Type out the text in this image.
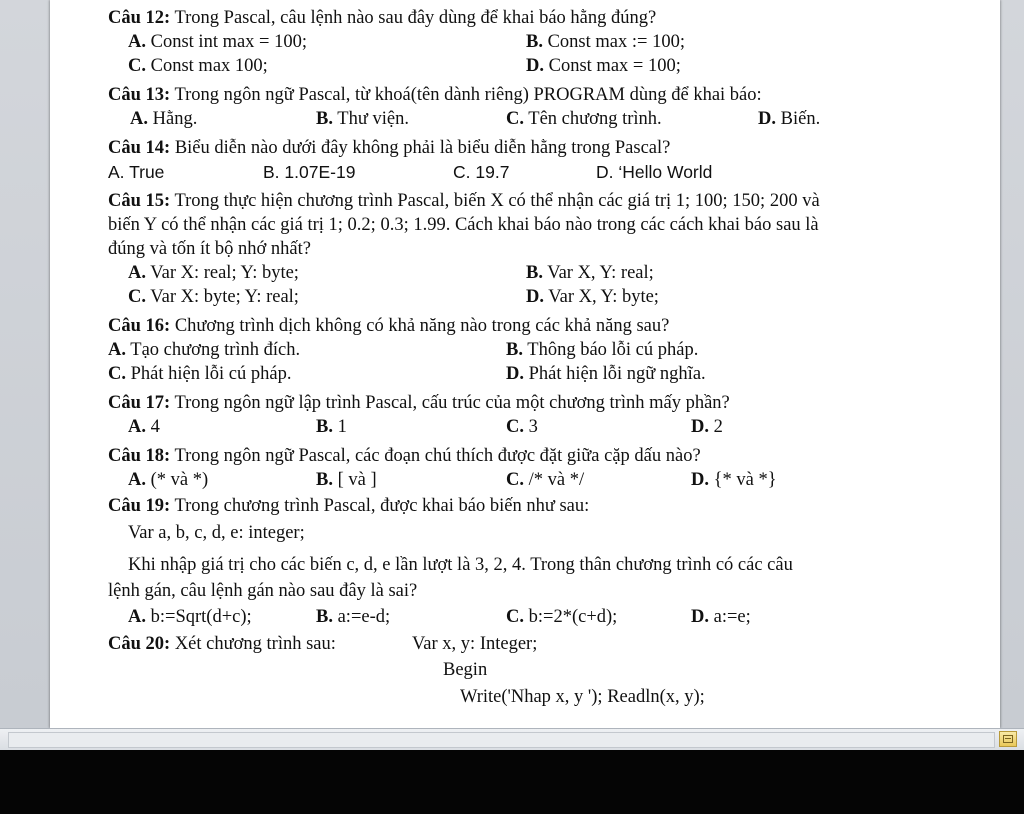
Câu 12: Trong Pascal, câu lệnh nào sau đây dùng để khai báo hằng đúng?
A. Const int max = 100;	B. Const max := 100;
C. Const max 100;	D. Const max = 100;
Câu 13: Trong ngôn ngữ Pascal, từ khoá(tên dành riêng) PROGRAM dùng để khai báo:
A. Hằng.	B. Thư viện.	C. Tên chương trình.	D. Biến.
Câu 14: Biểu diễn nào dưới đây không phải là biểu diễn hằng trong Pascal?
A. True	B. 1.07E-19	C. 19.7	D. ‘Hello World
Câu 15: Trong thực hiện chương trình Pascal, biến X có thể nhận các giá trị 1; 100; 150; 200 và
biến Y có thể nhận các giá trị 1; 0.2; 0.3; 1.99. Cách khai báo nào trong các cách khai báo sau là
đúng và tốn ít bộ nhớ nhất?
A. Var X: real; Y: byte;	B. Var X, Y: real;
C. Var X: byte; Y: real;	D. Var X, Y: byte;
Câu 16: Chương trình dịch không có khả năng nào trong các khả năng sau?
A. Tạo chương trình đích.	B. Thông báo lỗi cú pháp.
C. Phát hiện lỗi cú pháp.	D. Phát hiện lỗi ngữ nghĩa.
Câu 17: Trong ngôn ngữ lập trình Pascal, cấu trúc của một chương trình mấy phần?
A. 4	B. 1	C. 3	D. 2
Câu 18: Trong ngôn ngữ Pascal, các đoạn chú thích được đặt giữa cặp dấu nào?
A. (* và *)	B. [ và ]	C. /* và */	D. {* và *}
Câu 19: Trong chương trình Pascal, được khai báo biến như sau:
Var a, b, c, d, e: integer;
Khi nhập giá trị cho các biến c, d, e lần lượt là 3, 2, 4. Trong thân chương trình có các câu
lệnh gán, câu lệnh gán nào sau đây là sai?
A. b:=Sqrt(d+c);	B. a:=e-d;	C. b:=2*(c+d);	D. a:=e;
Câu 20: Xét chương trình sau:	Var x, y: Integer;
Begin
Write('Nhap x, y '); Readln(x, y);
